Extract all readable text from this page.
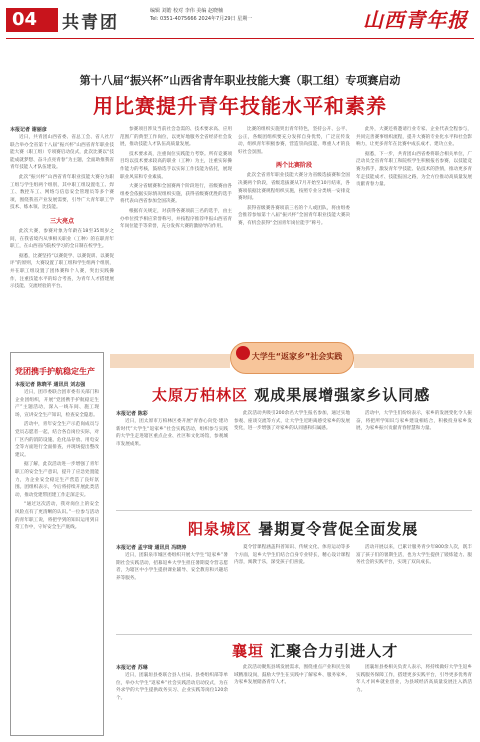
04	共青团
编辑 刘皓 校对 李伟 美编 赵晓楠
Tel: 0351-4075666 2024年7月29日 星期一	山西青年报
第十八届“振兴杯”山西省青年职业技能大赛（职工组）专项赛启动
用比赛提升青年技能水平和素养
本报记者 谢丽彦

近日，共青团山西省委、省总工会、省人社厅联合举办全省第十八届“振兴杯”山西省青年职业技能大赛（职工组）专项赛启动仪式，此次比赛以“技能成就梦想、奋斗点亮青春”为主题，全面助推我省青年技能人才队伍建设。

此次“振兴杯”山西省青年职业技能大赛分为职工组与学生组两个组别，其中职工组设置电工、焊工、数控车工、网络与信息安全管理员等多个赛项，围绕我省产业发展需要，引导广大青年职工学技术、练本领、比技能。

三大亮点

此次大赛，参赛对象为年龄在18至35周岁之间，在我省境内从事相关职业（工种）的在职青年职工，在山西省内院校学习的全日制在校学生。

据悉，比赛坚持“以赛促学、以赛促训、以赛促评”的原则，大赛设置了职工组和学生组两个组别，并在职工组设置了团体赛和个人赛，突出实践操作，注重技能水平的综合考查，为青年人才搭建展示技能、交流经验的平台。

参赛项目涉及当前社会急需的、技术要求高、应用范围广的典型工作岗位，以更好地服务全省经济社会发展，推动技能人才队伍高质量发展。

技术要求高，注重岗位实践能力考察。所有竞赛项目均以技术要求较高的职业（工种）为主，注重实际操作能力的考核，鼓励选手以实际工作技能为依托，展现职业风采和专业素质。

大赛分省级赛和全国赛两个阶段进行，省级赛由各组委会依据实际情况组织实施，获得省级赛优胜的选手将代表山西省参加全国决赛。

根据有关规定，对获得各赛项前三名的选手，由主办单位授予相应荣誉称号，并按程序推荐申报山西省青年岗位能手等荣誉，充分发挥大赛的激励导向作用。

比赛的组织实施突出青年特色，坚持公开、公平、公正，各级团组织要充分发挥自身优势，广泛宣传发动，组织青年积极参赛，营造崇尚技能、尊重人才的良好社会氛围。

两个比赛阶段

此次全省青年职业技能大赛分为省级选拔赛和全国决赛两个阶段，省级选拔赛从7月开始至10月结束，各赛项依据比赛规程组织实施，按照专业分类统一安排竞赛时间。

获得省级赛各赛项前三名的个人或团队，将由组委会推荐参加第十八届“振兴杯”全国青年职业技能大赛决赛，有机会获得“全国青年岗位能手”称号。

此外，大赛还将邀请行业专家、企业代表全程参与，共同完善赛事组织流程，提升大赛的专业化水平和社会影响力，让更多青年在比赛中成长成才、建功立业。

据悉，下一步，共青团山西省委将联合相关单位，广泛动员全省青年职工和院校学生积极报名参赛，以技能竞赛为抓手，激发青年学技能、钻技术的热情，推动更多青年走技能成才、技能报国之路，为全方位推动高质量发展贡献青春力量。

党团携手护航稳定生产
本报记者 陈晓平 通讯员 刘志强

近日，团市委联合团市委有关部门和企业团组织，开展“党团携手护航稳定生产”主题活动，深入一线车间、施工现场，宣讲安全生产知识，检查安全隐患。

活动中，青年安全生产示范岗成员与党员志愿者一起，结合各自岗位实际，对厂区内的消防设施、危化品存放、用电安全等方面进行全面排查，并现场提出整改建议。

据了解，此次活动进一步增强了青年职工的安全生产意识，提升了应急处置能力，为企业安全稳定生产营造了良好氛围。团组织表示，今后将持续开展此类活动，推动党建带团建工作走深走实。

“通过这次活动，我对岗位上的安全风险点有了更清晰的认识。”一位参与活动的青年职工说，将把学到的知识运用到日常工作中，守好安全生产底线。

大学生“返家乡”社会实践
太原万柏林区 观成果展增强家乡认同感
本报记者 陈彩

近日，团太原市万柏林区委开展“青春心向党·建功新时代”大学生“返家乡”社会实践活动，组织参与实践的大学生走进辖区重点企业、社区和文化场馆，参观城市发展成果。

此次活动共吸引200余名大学生报名参加，通过实地参观、座谈交流等方式，让大学生近距离感受家乡的发展变化，进一步增强了对家乡的认同感和归属感。

活动中，大学生们纷纷表示，家乡的发展变化令人振奋，将把所学知识与家乡建设相结合，积极投身家乡发展，为家乡振兴贡献青春智慧和力量。

阳泉城区 暑期夏令营促全面发展
本报记者 孟宇琦 通讯员 冯晓涛

近日，团阳泉市城区委组织开展大学生“返家乡”暑期社会实践活动，招募返乡大学生担任暑期夏令营志愿者，为辖区中小学生提供课业辅导、安全教育和兴趣培养等服务。

夏令营课程涵盖科普知识、传统文化、体育运动等多个方面，返乡大学生们结合自身专业特长，精心设计课程内容，寓教于乐，深受孩子们喜爱。

活动开展以来，已累计服务青少年800余人次，既丰富了孩子们的暑期生活，也为大学生提供了锻炼能力、服务社会的实践平台，实现了双向成长。

襄垣 汇聚合力引进人才
本报记者 苏琳

近日，团襄垣县委联合县人社局、县委组织部等单位，举办大学生“返家乡”社会实践活动启动仪式，为在外求学的大学生提供政务实习、企业实践等岗位120余个。

此次活动聚焦县域发展需求，围绕重点产业和民生领域精准设岗，鼓励大学生在实践中了解家乡、服务家乡，为家乡发展储备青年人才。

团襄垣县委相关负责人表示，将持续做好大学生返乡实践服务保障工作，搭建更多实践平台，引导更多优秀青年人才回乡就业创业，为县域经济高质量发展注入新活力。
